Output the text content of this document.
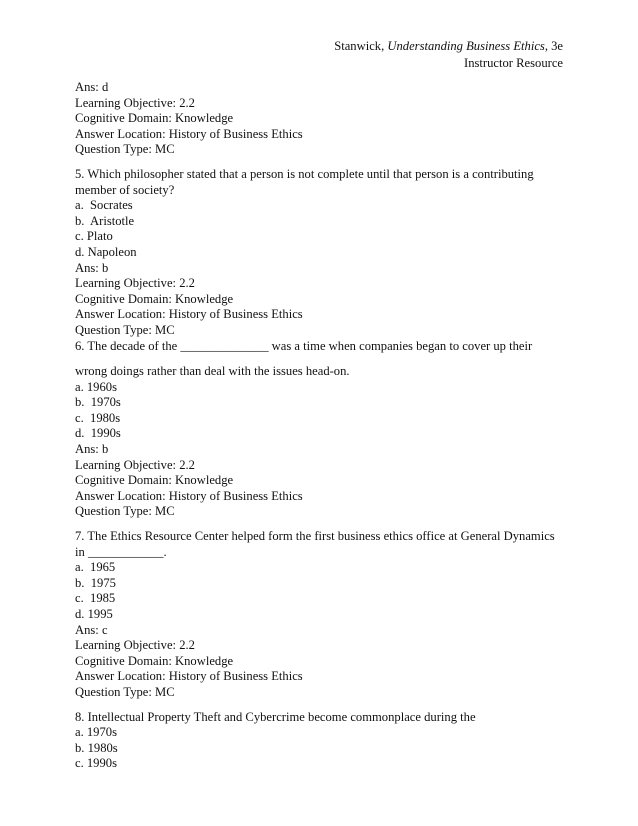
Stanwick, Understanding Business Ethics, 3e
Instructor Resource
Ans: d
Learning Objective: 2.2
Cognitive Domain: Knowledge
Answer Location: History of Business Ethics
Question Type: MC
5. Which philosopher stated that a person is not complete until that person is a contributing
member of society?
a.  Socrates
b.  Aristotle
c. Plato
d. Napoleon
Ans: b
Learning Objective: 2.2
Cognitive Domain: Knowledge
Answer Location: History of Business Ethics
Question Type: MC
6. The decade of the ______________ was a time when companies began to cover up their
wrong doings rather than deal with the issues head-on.
a. 1960s
b.  1970s
c.  1980s
d.  1990s
Ans: b
Learning Objective: 2.2
Cognitive Domain: Knowledge
Answer Location: History of Business Ethics
Question Type: MC
7. The Ethics Resource Center helped form the first business ethics office at General Dynamics
in ____________.
a.  1965
b.  1975
c.  1985
d. 1995
Ans: c
Learning Objective: 2.2
Cognitive Domain: Knowledge
Answer Location: History of Business Ethics
Question Type: MC
8. Intellectual Property Theft and Cybercrime become commonplace during the
a. 1970s
b. 1980s
c. 1990s
